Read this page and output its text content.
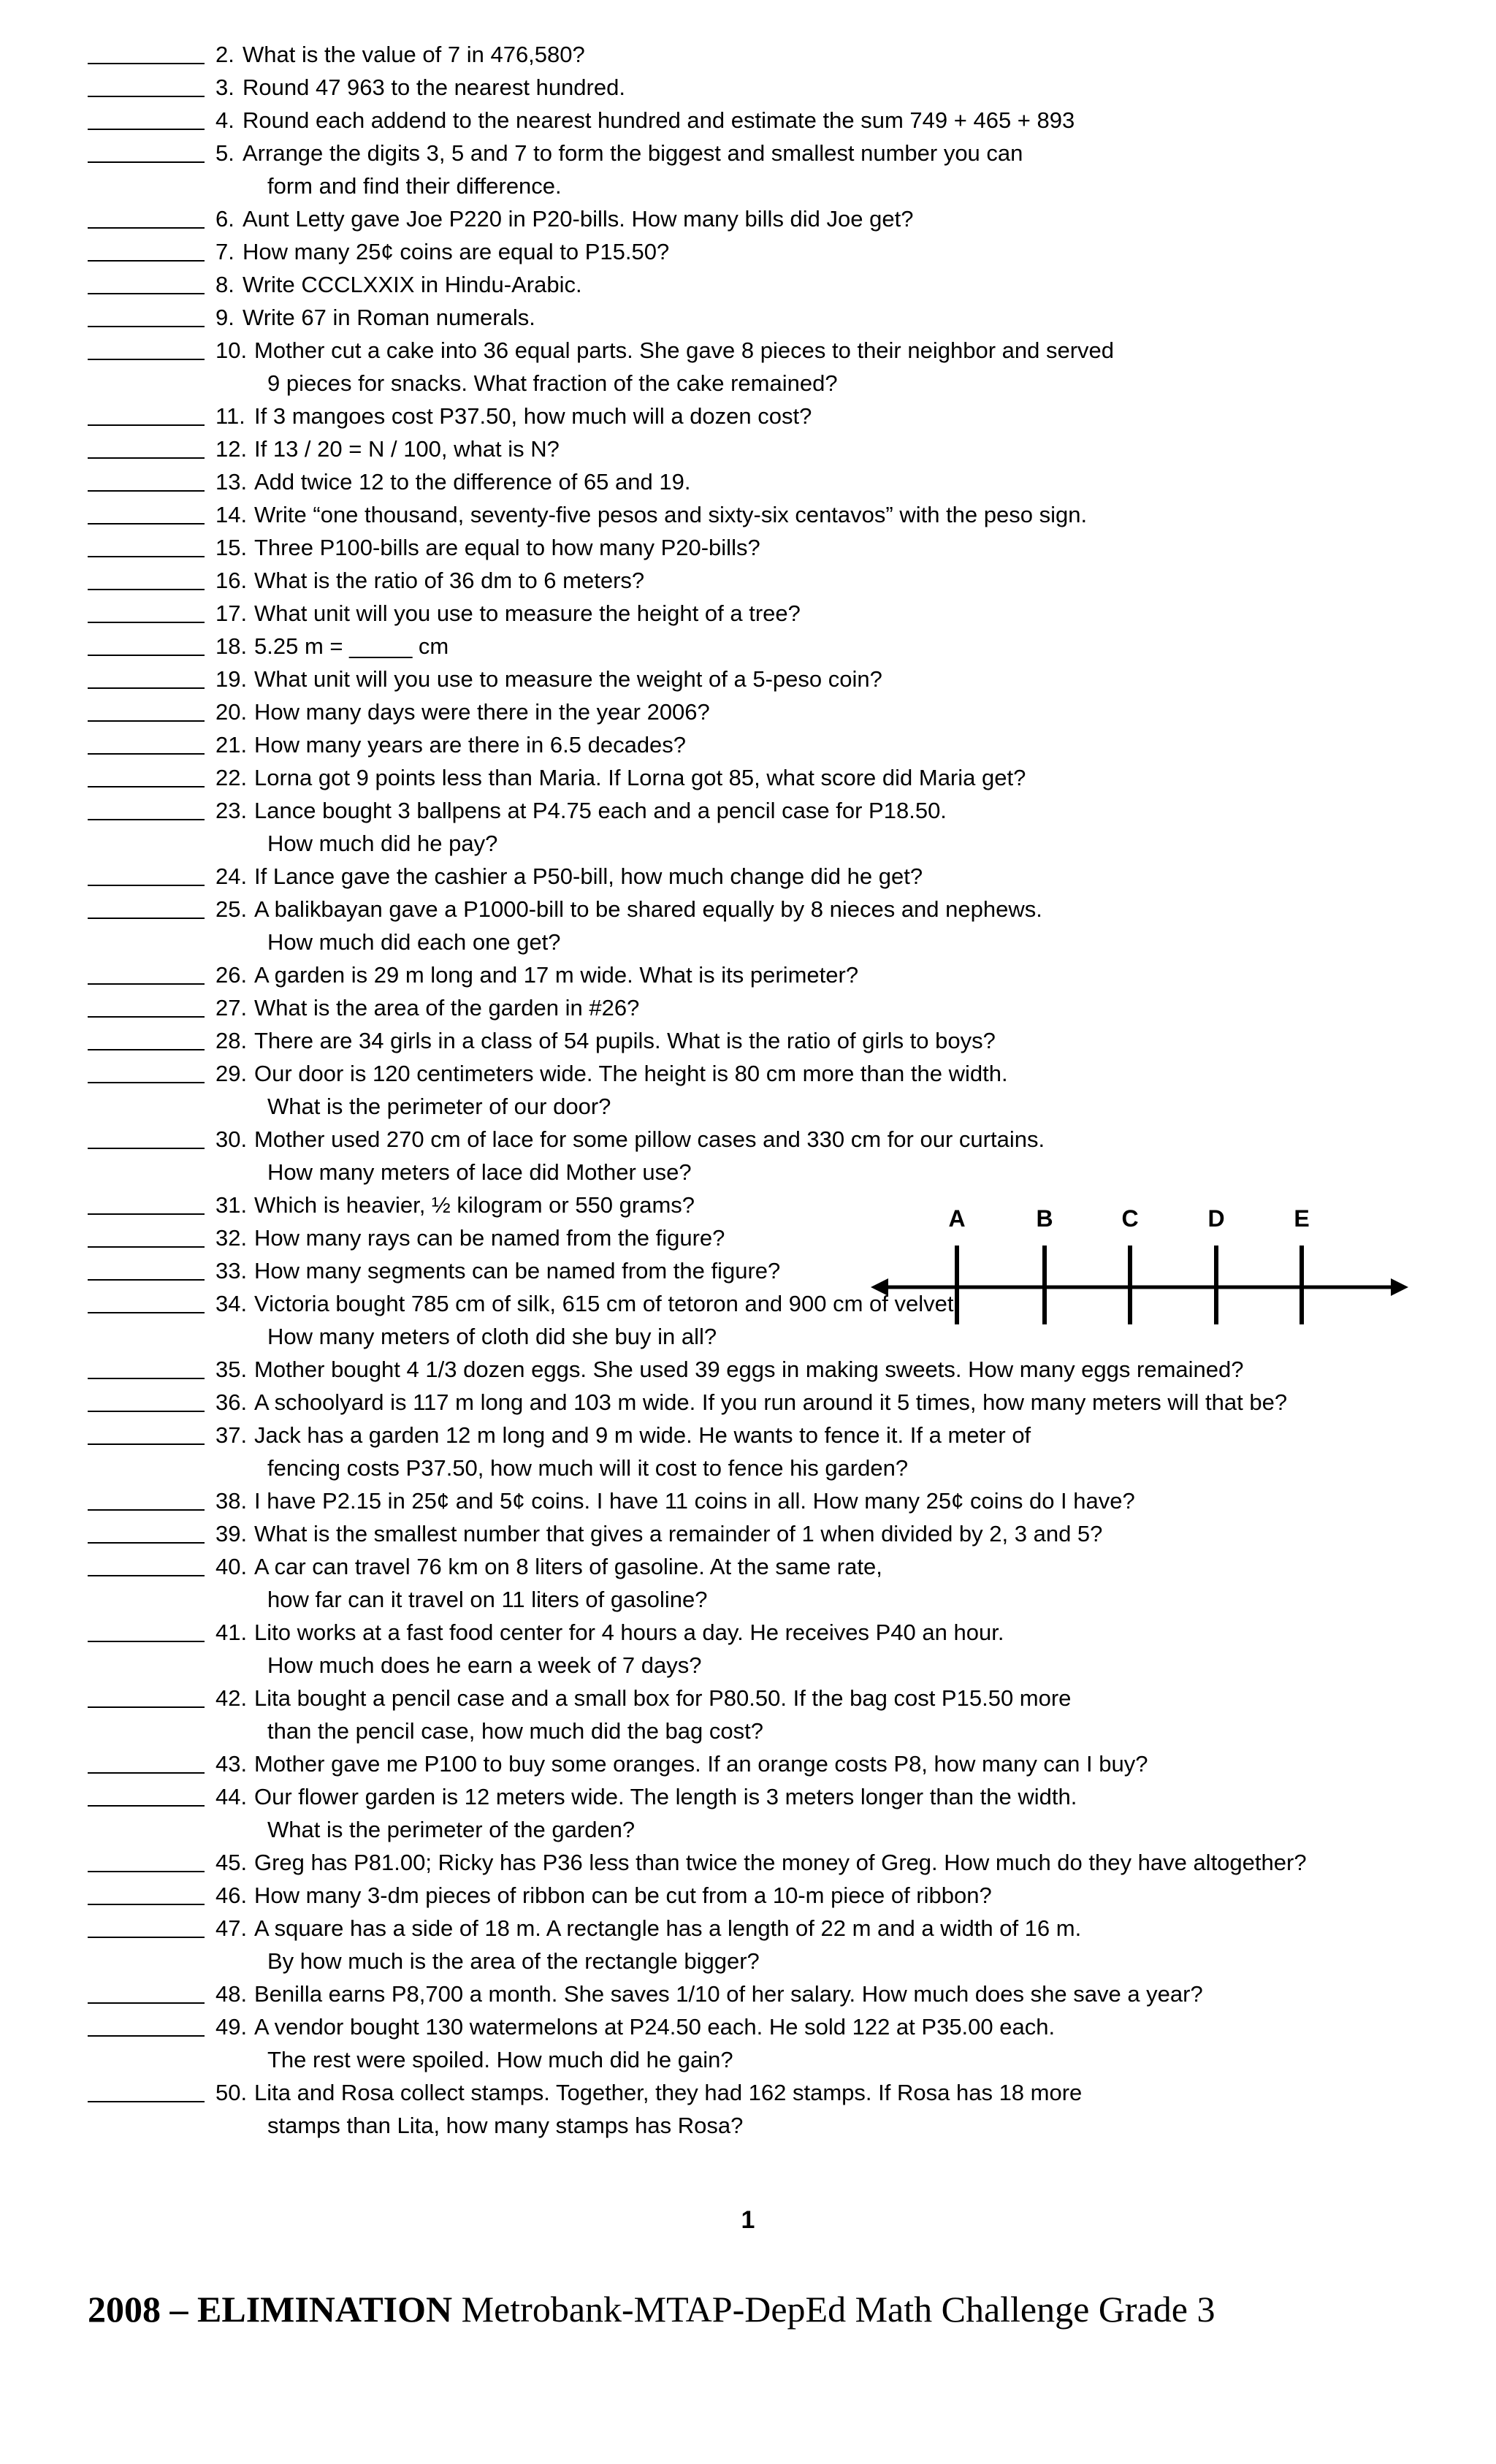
2. What is the value of 7 in 476,580?
3. Round 47 963 to the nearest hundred.
4. Round each addend to the nearest hundred and estimate the sum 749 + 465 + 893
5. Arrange the digits 3, 5 and 7 to form the biggest and smallest number you can
form and find their difference.
6. Aunt Letty gave Joe P220 in P20-bills. How many bills did Joe get?
7. How many 25¢ coins are equal to P15.50?
8. Write CCCLXXIX in Hindu-Arabic.
9. Write 67 in Roman numerals.
10. Mother cut a cake into 36 equal parts. She gave 8 pieces to their neighbor and served
9 pieces for snacks. What fraction of the cake remained?
11. If 3 mangoes cost P37.50, how much will a dozen cost?
12. If 13 / 20 = N / 100, what is N?
13. Add twice 12 to the difference of 65 and 19.
14. Write “one thousand, seventy-five pesos and sixty-six centavos” with the peso sign.
15. Three P100-bills are equal to how many P20-bills?
16. What is the ratio of 36 dm to 6 meters?
17. What unit will you use to measure the height of a tree?
18. 5.25 m = _____ cm
19. What unit will you use to measure the weight of a 5-peso coin?
20. How many days were there in the year 2006?
21. How many years are there in 6.5 decades?
22. Lorna got 9 points less than Maria. If Lorna got 85, what score did Maria get?
23. Lance bought 3 ballpens at P4.75 each and a pencil case for P18.50.
How much did he pay?
24. If Lance gave the cashier a P50-bill, how much change did he get?
25. A balikbayan gave a P1000-bill to be shared equally by 8 nieces and nephews.
How much did each one get?
26. A garden is 29 m long and 17 m wide. What is its perimeter?
27. What is the area of the garden in #26?
28. There are 34 girls in a class of 54 pupils. What is the ratio of girls to boys?
29. Our door is 120 centimeters wide. The height is 80 cm more than the width.
What is the perimeter of our door?
30. Mother used 270 cm of lace for some pillow cases and 330 cm for our curtains.
How many meters of lace did Mother use?
31. Which is heavier, ½ kilogram or 550 grams?
32. How many rays can be named from the figure?
33. How many segments can be named from the figure?
34. Victoria bought 785 cm of silk, 615 cm of tetoron and 900 cm of velvet.
How many meters of cloth did she buy in all?
35. Mother bought 4 1/3 dozen eggs. She used 39 eggs in making sweets. How many eggs remained?
36. A schoolyard is 117 m long and 103 m wide. If you run around it 5 times, how many meters will that be?
37. Jack has a garden 12 m long and 9 m wide. He wants to fence it. If a meter of
fencing costs P37.50, how much will it cost to fence his garden?
38. I have P2.15 in 25¢ and 5¢ coins. I have 11 coins in all. How many 25¢ coins do I have?
39. What is the smallest number that gives a remainder of 1 when divided by 2, 3 and 5?
40. A car can travel 76 km on 8 liters of gasoline. At the same rate,
how far can it travel on 11 liters of gasoline?
41. Lito works at a fast food center for 4 hours a day. He receives P40 an hour.
How much does he earn a week of 7 days?
42. Lita bought a pencil case and a small box for P80.50. If the bag cost P15.50 more
than the pencil case, how much did the bag cost?
43. Mother gave me P100 to buy some oranges. If an orange costs P8, how many can I buy?
44. Our flower garden is 12 meters wide. The length is 3 meters longer than the width.
What is the perimeter of the garden?
45. Greg has P81.00; Ricky has P36 less than twice the money of Greg. How much do they have altogether?
46. How many 3-dm pieces of ribbon can be cut from a 10-m piece of ribbon?
47. A square has a side of 18 m. A rectangle has a length of 22 m and a width of 16 m.
By how much is the area of the rectangle bigger?
48. Benilla earns P8,700 a month. She saves 1/10 of her salary. How much does she save a year?
49. A vendor bought 130 watermelons at P24.50 each. He sold 122 at P35.00 each.
The rest were spoiled. How much did he gain?
50. Lita and Rosa collect stamps. Together, they had 162 stamps. If Rosa has 18 more
stamps than Lita, how many stamps has Rosa?
A	B	C	D	E
1
2008 – ELIMINATION Metrobank-MTAP-DepEd Math Challenge Grade 3
